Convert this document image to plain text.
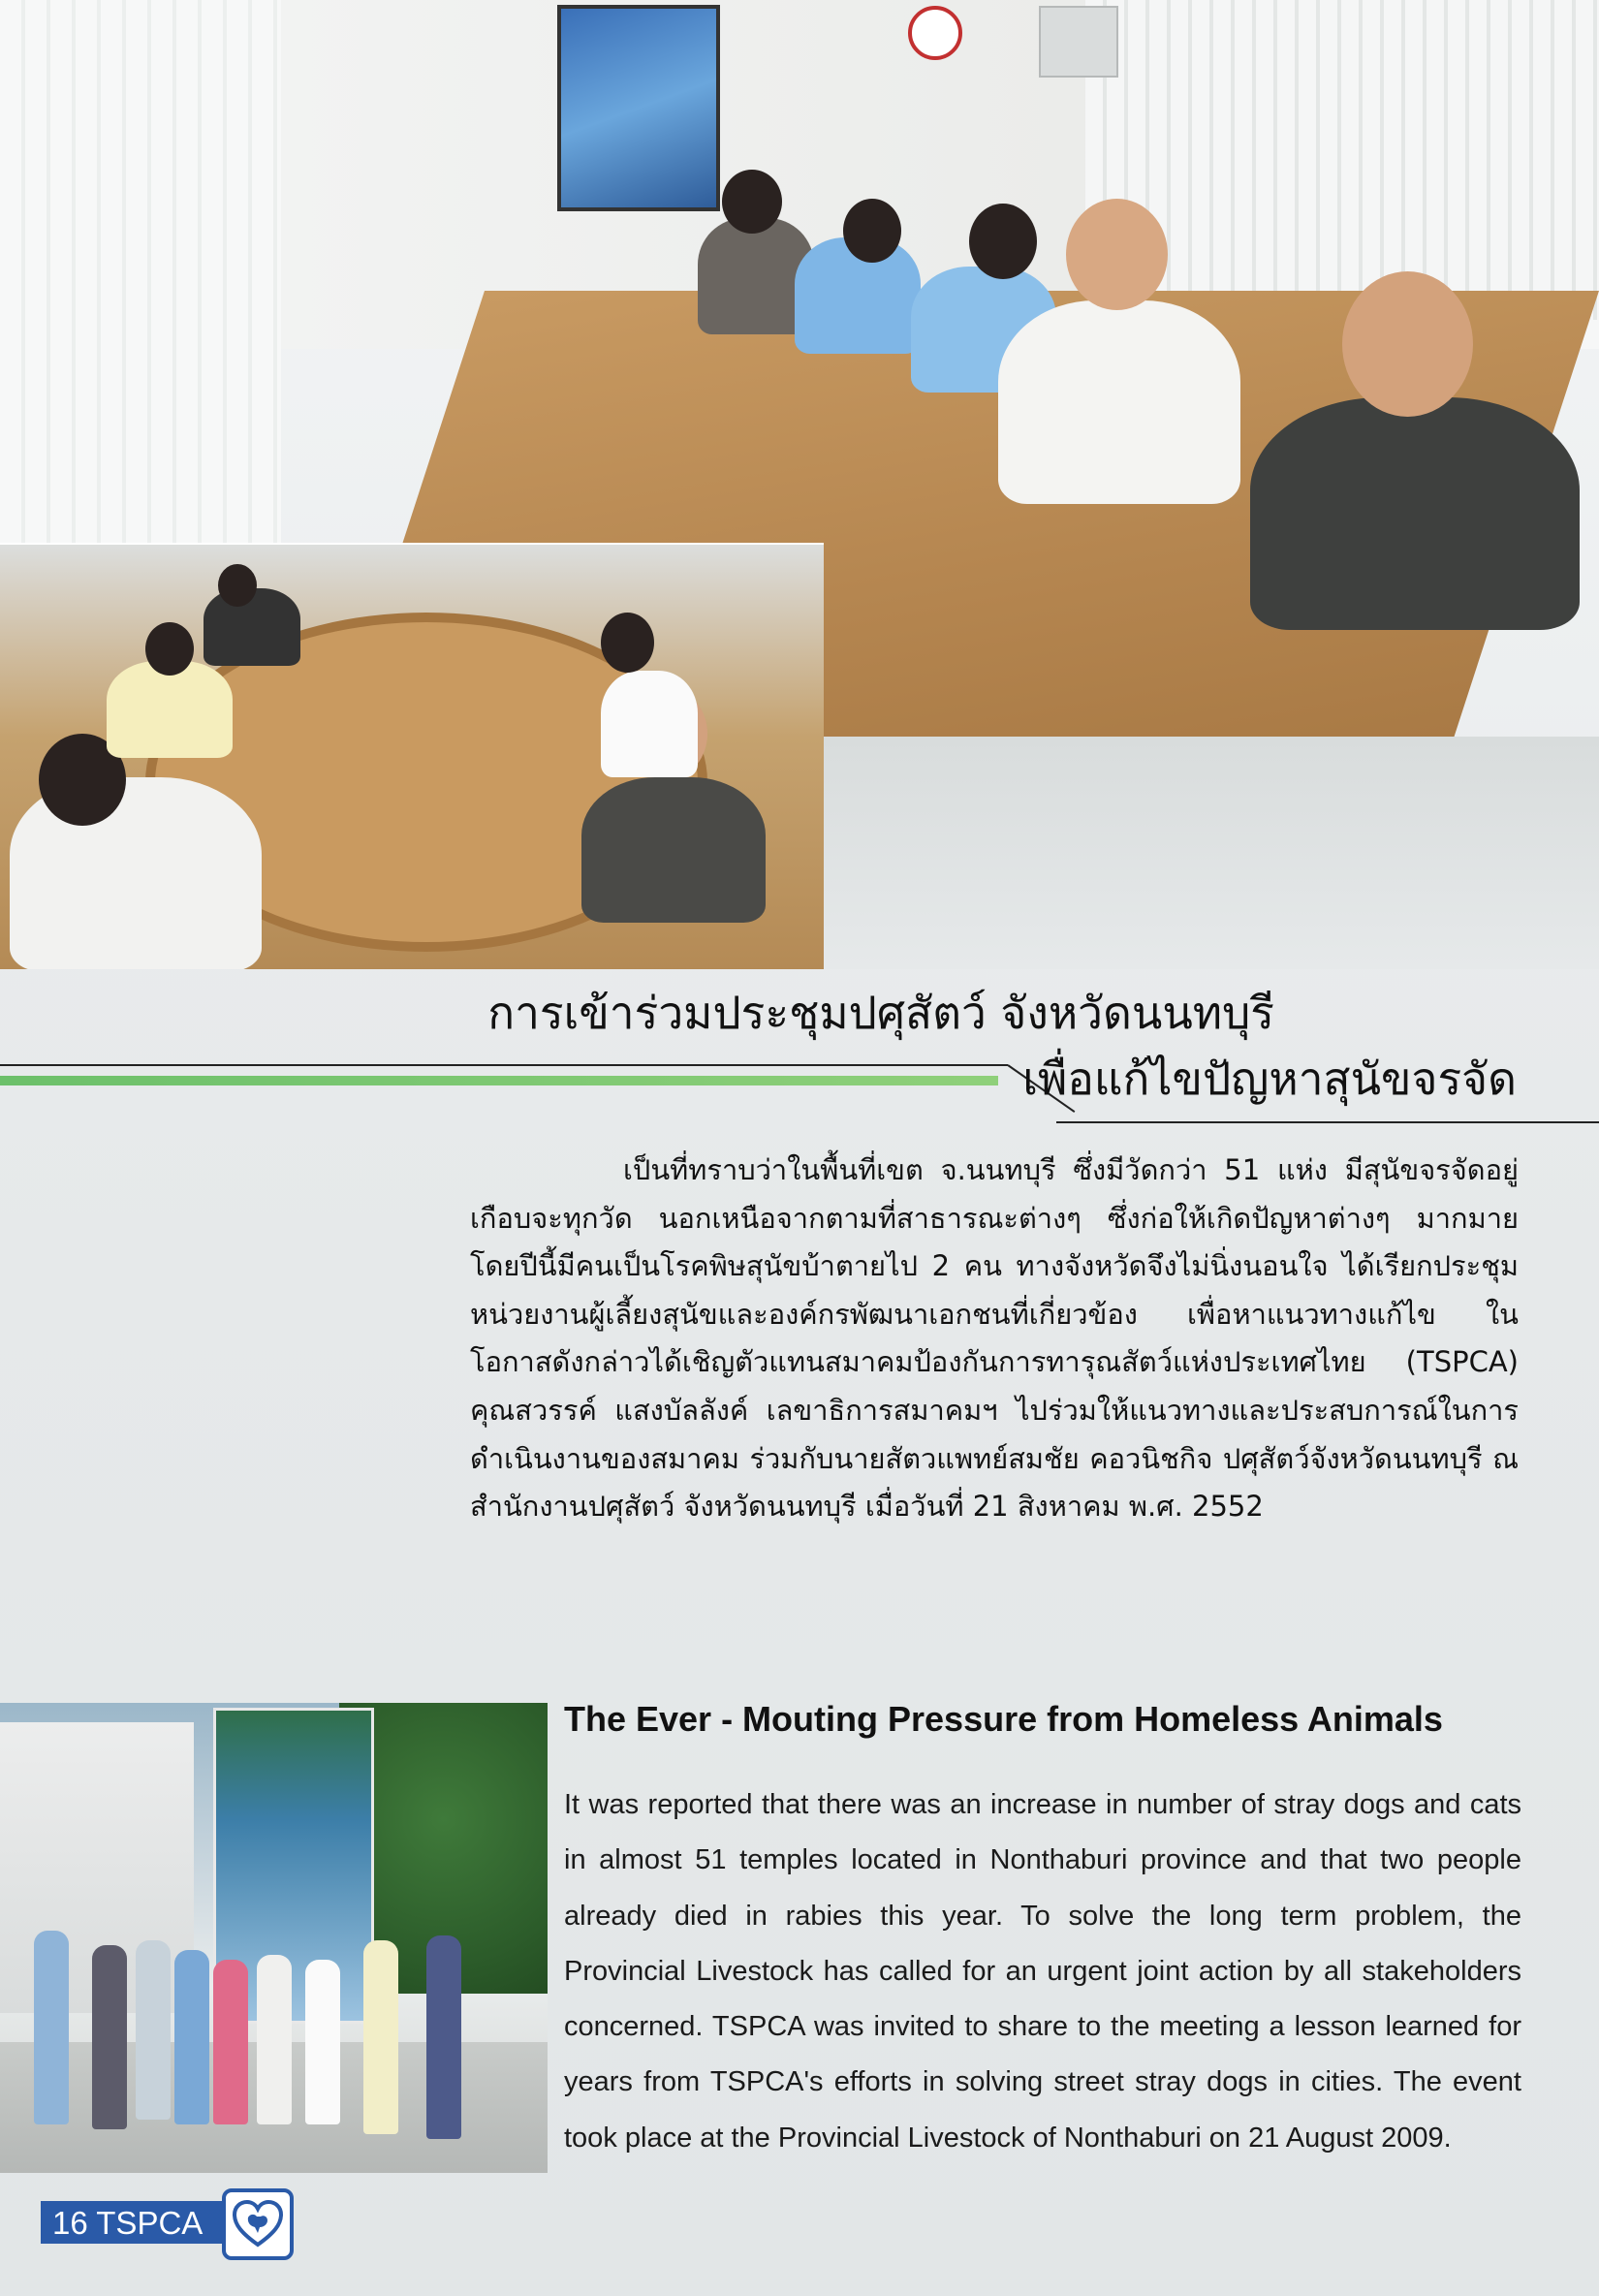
การเข้าร่วมประชุมปศุสัตว์ จังหวัดนนทบุรี
เพื่อแก้ไขปัญหาสุนัขจรจัด

เป็นที่ทราบว่าในพื้นที่เขต จ.นนทบุรี ซึ่งมีวัดกว่า 51 แห่ง มีสุนัขจรจัดอยู่เกือบจะทุกวัด นอกเหนือจากตามที่สาธารณะต่างๆ ซึ่งก่อให้เกิดปัญหาต่างๆ มากมาย โดยปีนี้มีคนเป็นโรคพิษสุนัขบ้าตายไป 2 คน ทางจังหวัดจึงไม่นิ่งนอนใจ ได้เรียกประชุมหน่วยงานผู้เลี้ยงสุนัขและองค์กรพัฒนาเอกชนที่เกี่ยวข้อง เพื่อหาแนวทางแก้ไข ในโอกาสดังกล่าวได้เชิญตัวแทนสมาคมป้องกันการทารุณสัตว์แห่งประเทศไทย (TSPCA) คุณสวรรค์ แสงบัลลังค์ เลขาธิการสมาคมฯ ไปร่วมให้แนวทางและประสบการณ์ในการดำเนินงานของสมาคม ร่วมกับนายสัตวแพทย์สมชัย คอวนิชกิจ ปศุสัตว์จังหวัดนนทบุรี ณ สำนักงานปศุสัตว์ จังหวัดนนทบุรี เมื่อวันที่ 21 สิงหาคม พ.ศ. 2552

The Ever - Mouting Pressure from Homeless Animals

It was reported that there was an increase in number of stray dogs and cats in almost 51 temples located in Nonthaburi province and that two people already died in rabies this year. To solve the long term problem, the Provincial Livestock has called for an urgent joint action by all stakeholders concerned. TSPCA was invited to share to the meeting a lesson learned for years from TSPCA's efforts in solving street stray dogs in cities. The event took place at the Provincial Livestock of Nonthaburi on 21 August 2009.

16 TSPCA
